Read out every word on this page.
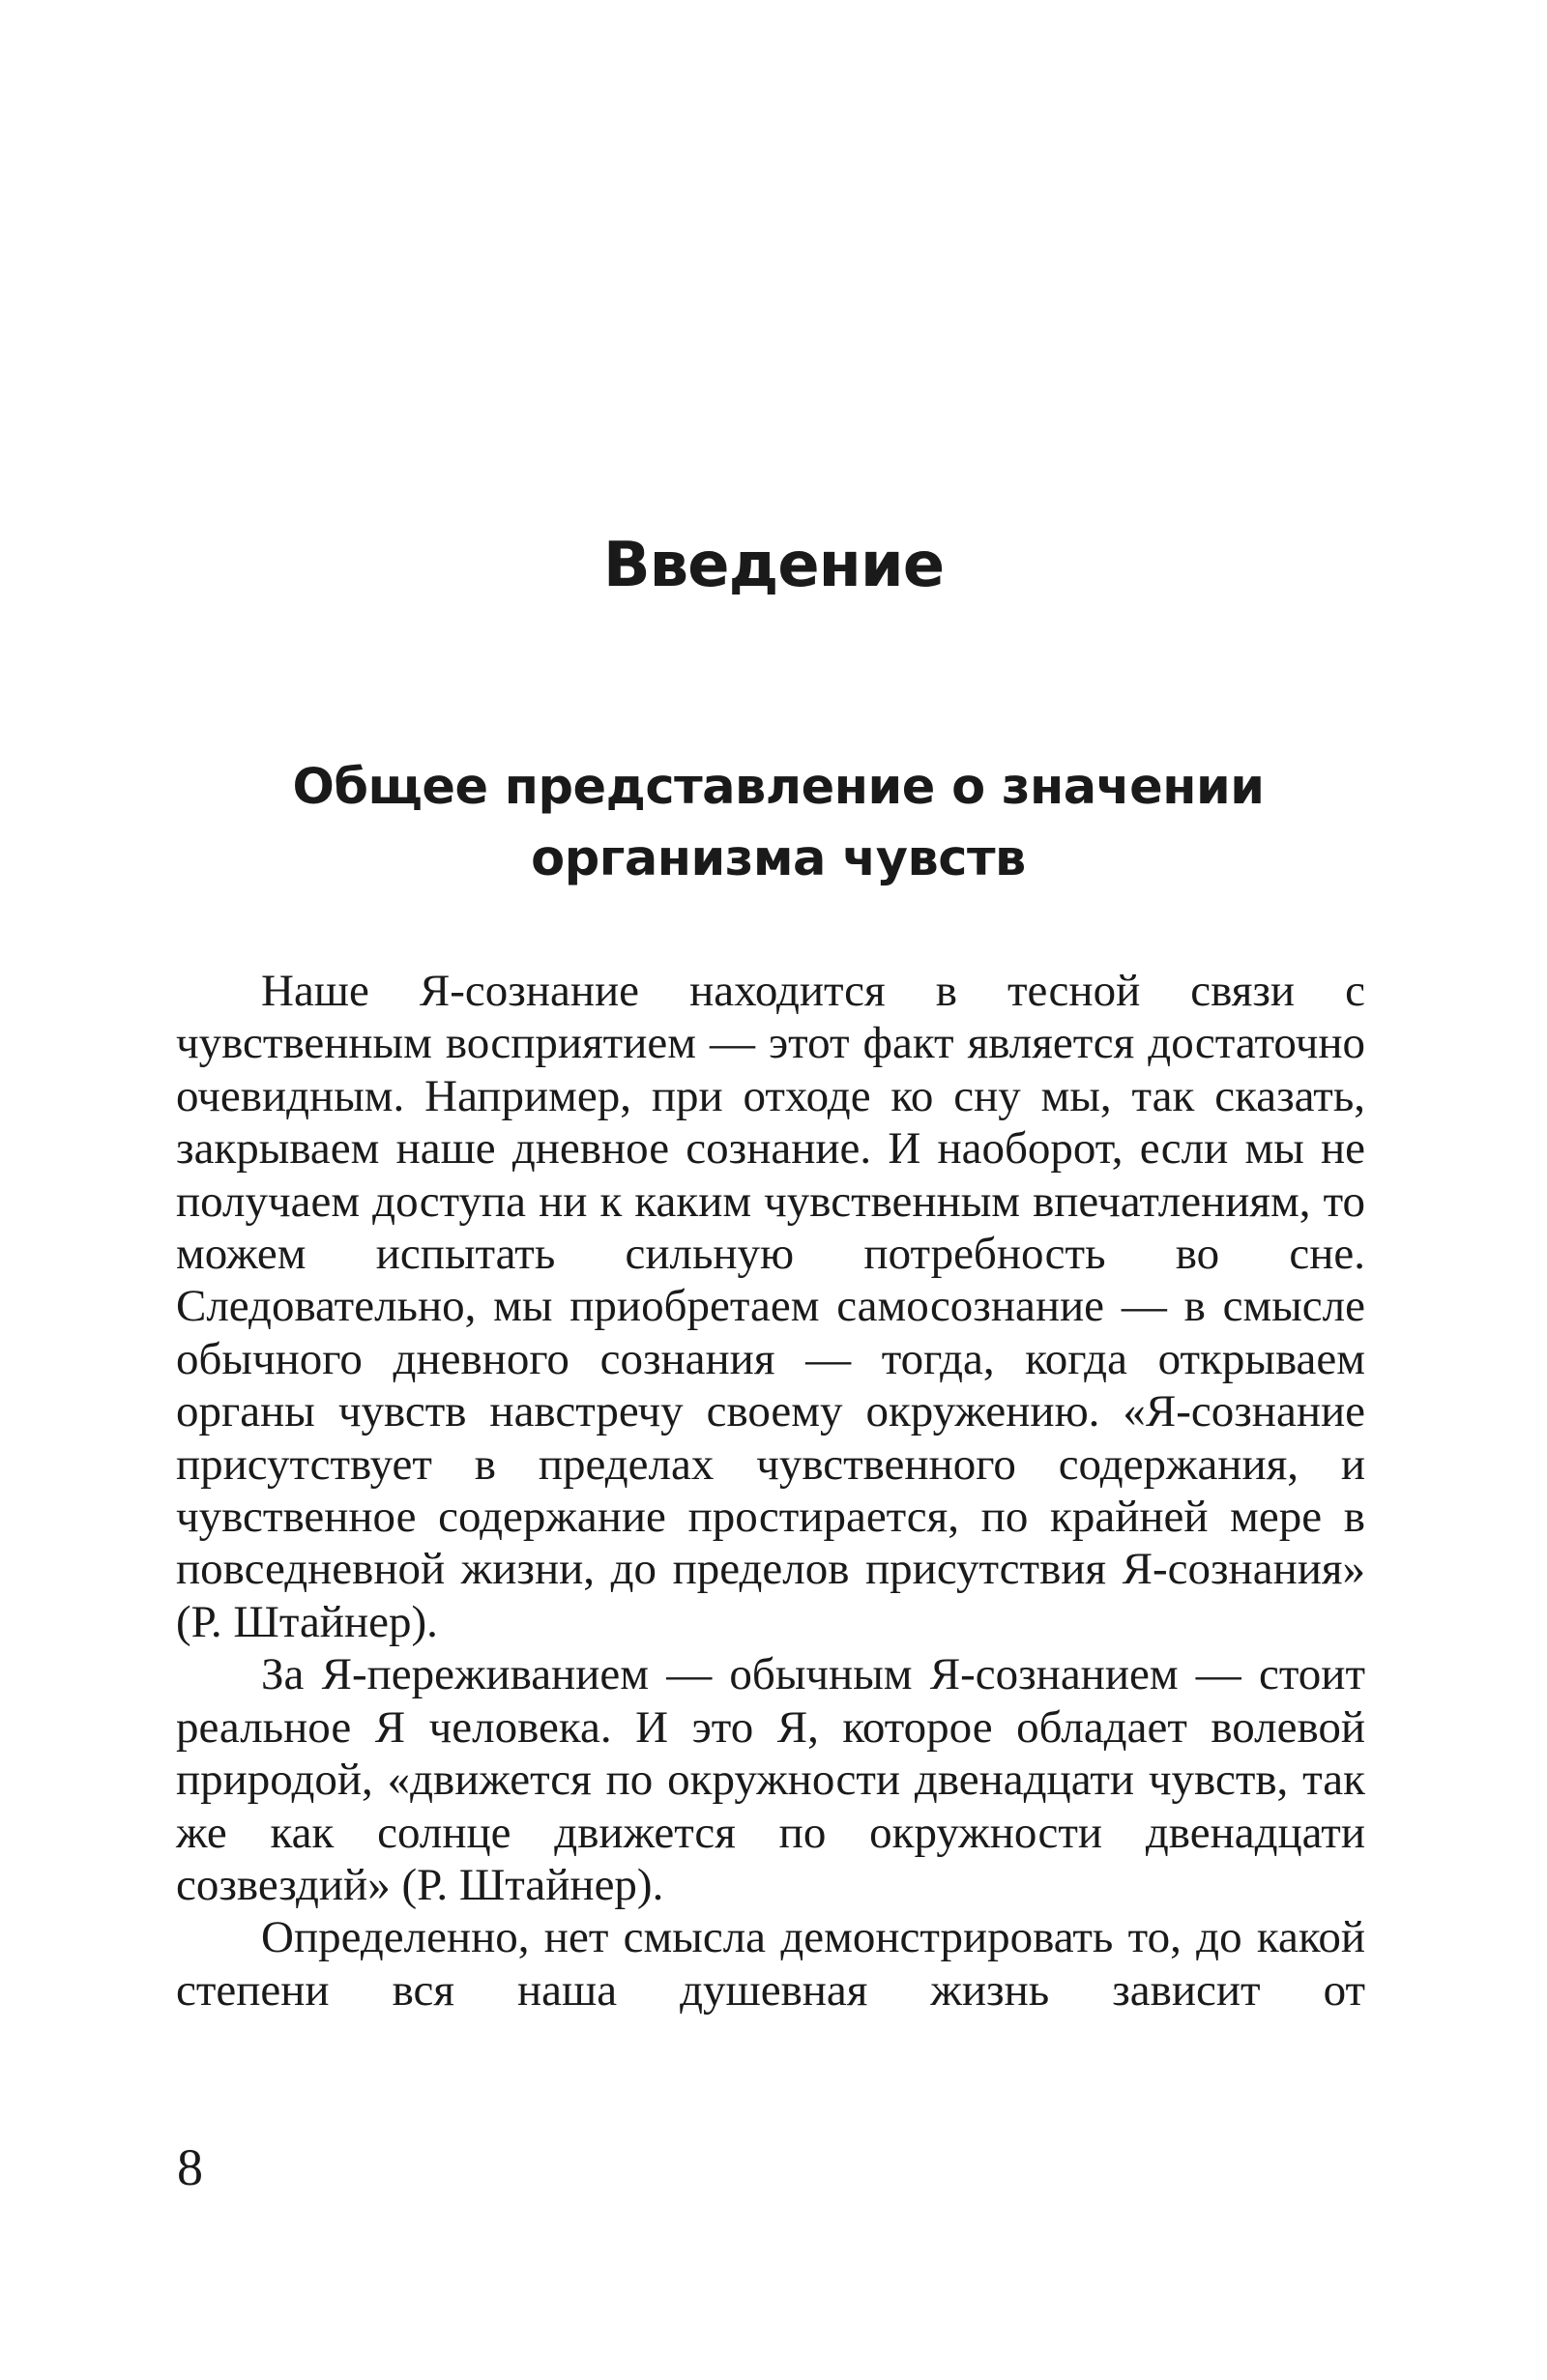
Введение
Общее представление о значении
организма чувств

Наше Я-сознание находится в тесной связи с чувственным восприятием — этот факт является достаточно очевидным. Например, при отходе ко сну мы, так сказать, закрываем наше дневное сознание. И наоборот, если мы не получаем доступа ни к каким чувственным впечатлениям, то можем испытать сильную потребность во сне. Следовательно, мы приобретаем самосознание — в смысле обычного дневного сознания — тогда, когда открываем органы чувств навстречу своему окружению. «Я-сознание присутствует в пределах чувственного содержания, и чувственное содержание простирается, по крайней мере в повседневной жизни, до пределов присутствия Я-сознания» (Р. Штайнер).

За Я-переживанием — обычным Я-сознанием — стоит реальное Я человека. И это Я, которое обладает волевой природой, «движется по окружности двенадцати чувств, так же как солнце движется по окружности двенадцати созвездий» (Р. Штайнер).

Определенно, нет смысла демонстрировать то, до какой степени вся наша душевная жизнь зависит от

8
